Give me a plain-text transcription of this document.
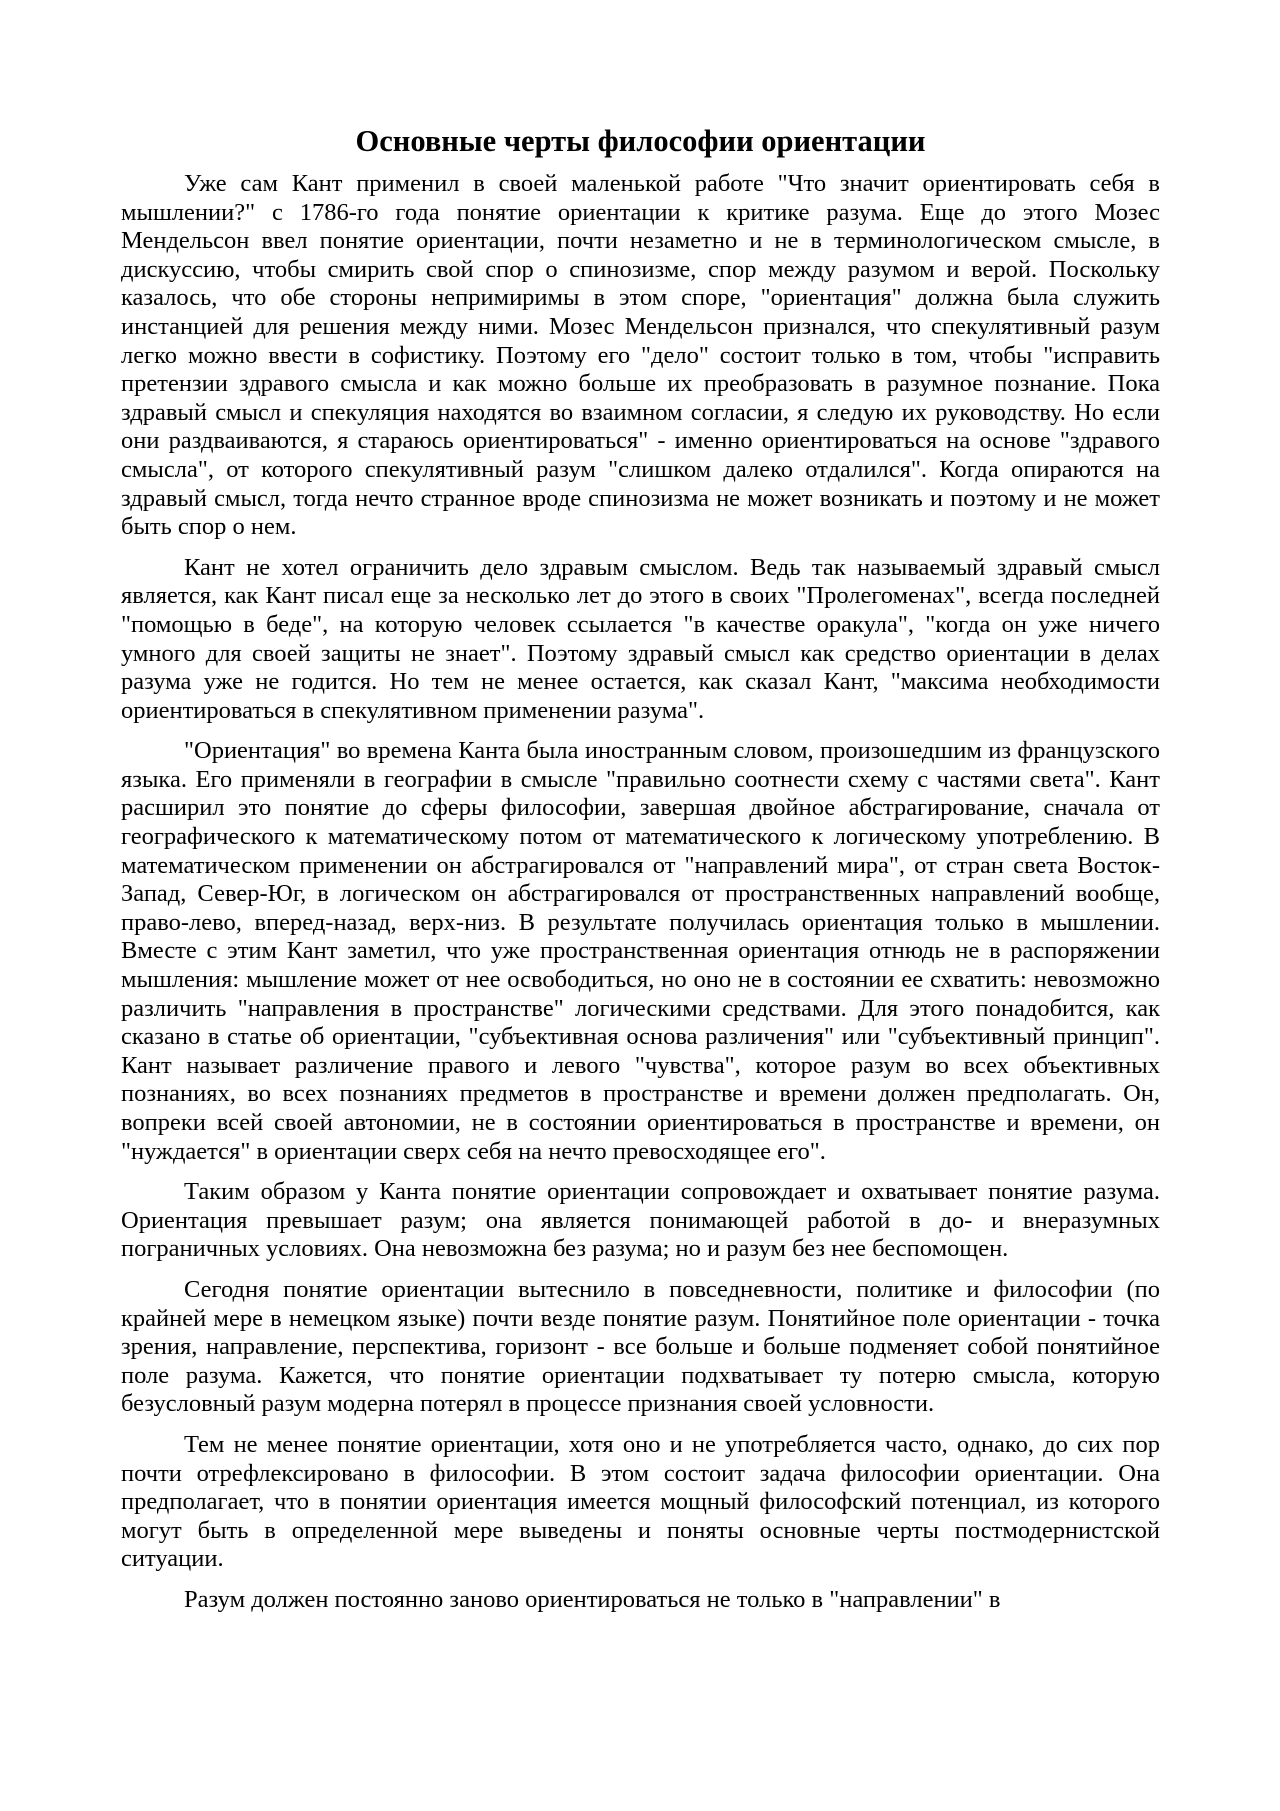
Основные черты философии ориентации

Уже сам Кант применил в своей маленькой работе "Что значит ориентировать себя в мышлении?" с 1786-го года понятие ориентации к критике разума. Еще до этого Мозес Мендельсон ввел понятие ориентации, почти незаметно и не в терминологическом смысле, в дискуссию, чтобы смирить свой спор о спинозизме, спор между разумом и верой. Поскольку казалось, что обе стороны непримиримы в этом споре, "ориентация" должна была служить инстанцией для решения между ними. Мозес Мендельсон признался, что спекулятивный разум легко можно ввести в софистику. Поэтому его "дело" состоит только в том, чтобы "исправить претензии здравого смысла и как можно больше их преобразовать в разумное познание. Пока здравый смысл и спекуляция находятся во взаимном согласии, я следую их руководству. Но если они раздваиваются, я стараюсь ориентироваться" - именно ориентироваться на основе "здравого смысла", от которого спекулятивный разум "слишком далеко отдалился". Когда опираются на здравый смысл, тогда нечто странное вроде спинозизма не может возникать и поэтому и не может быть спор о нем.

Кант не хотел ограничить дело здравым смыслом. Ведь так называемый здравый смысл является, как Кант писал еще за несколько лет до этого в своих "Пролегоменах", всегда последней "помощью в беде", на которую человек ссылается "в качестве оракула", "когда он уже ничего умного для своей защиты не знает". Поэтому здравый смысл как средство ориентации в делах разума уже не годится. Но тем не менее остается, как сказал Кант, "максима необходимости ориентироваться в спекулятивном применении разума".

"Ориентация" во времена Канта была иностранным словом, произошедшим из французского языка. Его применяли в географии в смысле "правильно соотнести схему с частями света". Кант расширил это понятие до сферы философии, завершая двойное абстрагирование, сначала от географического к математическому потом от математического к логическому употреблению. В математическом применении он абстрагировался от "направлений мира", от стран света Восток-Запад, Север-Юг, в логическом он абстрагировался от пространственных направлений вообще, право-лево, вперед-назад, верх-низ. В результате получилась ориентация только в мышлении. Вместе с этим Кант заметил, что уже пространственная ориентация отнюдь не в распоряжении мышления: мышление может от нее освободиться, но оно не в состоянии ее схватить: невозможно различить "направления в пространстве" логическими средствами. Для этого понадобится, как сказано в статье об ориентации, "субъективная основа различения" или "субъективный принцип". Кант называет различение правого и левого "чувства", которое разум во всех объективных познаниях, во всех познаниях предметов в пространстве и времени должен предполагать. Он, вопреки всей своей автономии, не в состоянии ориентироваться в пространстве и времени, он "нуждается" в ориентации сверх себя на нечто превосходящее его".

Таким образом у Канта понятие ориентации сопровождает и охватывает понятие разума. Ориентация превышает разум; она является понимающей работой в до- и внеразумных пограничных условиях. Она невозможна без разума; но и разум без нее беспомощен.

Сегодня понятие ориентации вытеснило в повседневности, политике и философии (по крайней мере в немецком языке) почти везде понятие разум. Понятийное поле ориентации - точка зрения, направление, перспектива, горизонт - все больше и больше подменяет собой понятийное поле разума. Кажется, что понятие ориентации подхватывает ту потерю смысла, которую безусловный разум модерна потерял в процессе признания своей условности.

Тем не менее понятие ориентации, хотя оно и не употребляется часто, однако, до сих пор почти отрефлексировано в философии. В этом состоит задача философии ориентации. Она предполагает, что в понятии ориентация имеется мощный философский потенциал, из которого могут быть в определенной мере выведены и поняты основные черты постмодернистской ситуации.

Разум должен постоянно заново ориентироваться не только в "направлении" в
